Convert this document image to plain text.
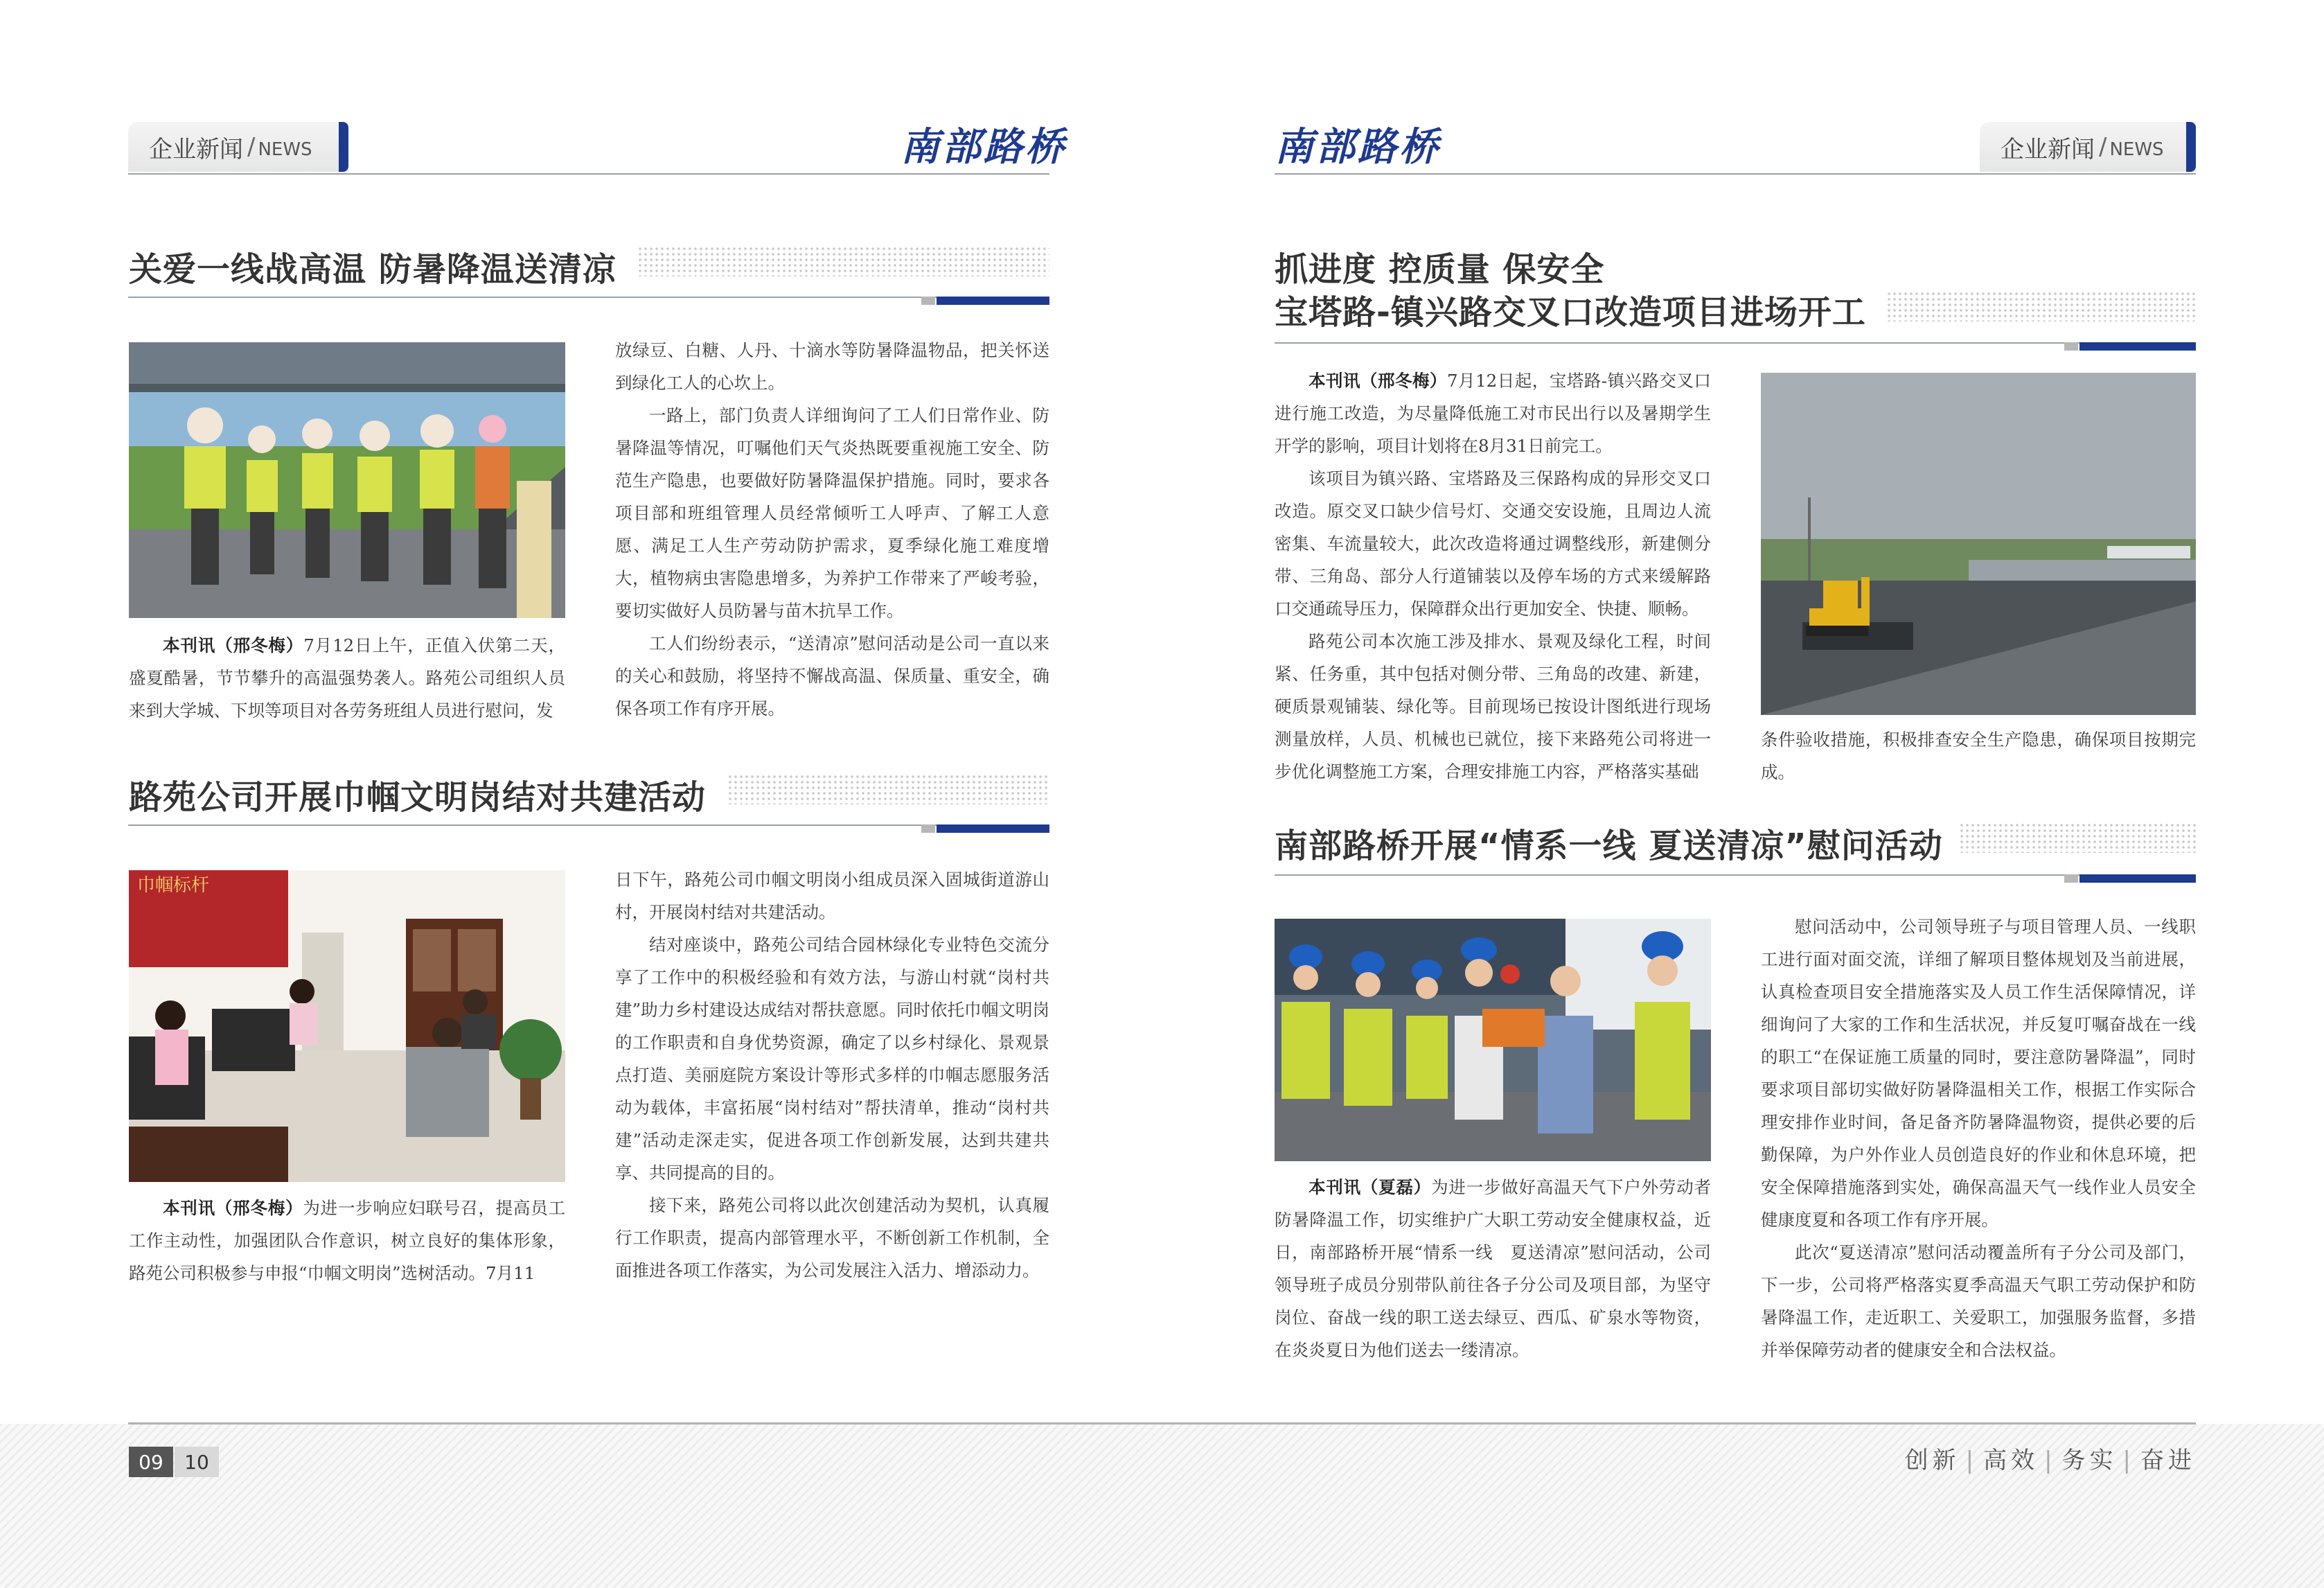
企业新闻 / NEWS	南部路桥
关爱一线战高温 防暑降温送清凉

本刊讯（邢冬梅）7月12日上午，正值入伏第二天，盛夏酷暑，节节攀升的高温强势袭人。路苑公司组织人员来到大学城、下坝等项目对各劳务班组人员进行慰问，发

放绿豆、白糖、人丹、十滴水等防暑降温物品，把关怀送到绿化工人的心坎上。

一路上，部门负责人详细询问了工人们日常作业、防暑降温等情况，叮嘱他们天气炎热既要重视施工安全、防范生产隐患，也要做好防暑降温保护措施。同时，要求各项目部和班组管理人员经常倾听工人呼声、了解工人意愿、满足工人生产劳动防护需求，夏季绿化施工难度增大，植物病虫害隐患增多，为养护工作带来了严峻考验，要切实做好人员防暑与苗木抗旱工作。

工人们纷纷表示，“送清凉”慰问活动是公司一直以来的关心和鼓励，将坚持不懈战高温、保质量、重安全，确保各项工作有序开展。

路苑公司开展巾帼文明岗结对共建活动
巾帼标杆

本刊讯（邢冬梅）为进一步响应妇联号召，提高员工工作主动性，加强团队合作意识，树立良好的集体形象，路苑公司积极参与申报“巾帼文明岗”选树活动。7月11

日下午，路苑公司巾帼文明岗小组成员深入固城街道游山村，开展岗村结对共建活动。

结对座谈中，路苑公司结合园林绿化专业特色交流分享了工作中的积极经验和有效方法，与游山村就“岗村共建”助力乡村建设达成结对帮扶意愿。同时依托巾帼文明岗的工作职责和自身优势资源，确定了以乡村绿化、景观景点打造、美丽庭院方案设计等形式多样的巾帼志愿服务活动为载体，丰富拓展“岗村结对”帮扶清单，推动“岗村共建”活动走深走实，促进各项工作创新发展，达到共建共享、共同提高的目的。

接下来，路苑公司将以此次创建活动为契机，认真履行工作职责，提高内部管理水平，不断创新工作机制，全面推进各项工作落实，为公司发展注入活力、增添动力。

南部路桥	企业新闻 / NEWS
抓进度 控质量 保安全
宝塔路-镇兴路交叉口改造项目进场开工

本刊讯（邢冬梅）7月12日起，宝塔路-镇兴路交叉口进行施工改造，为尽量降低施工对市民出行以及暑期学生开学的影响，项目计划将在8月31日前完工。

该项目为镇兴路、宝塔路及三保路构成的异形交叉口改造。原交叉口缺少信号灯、交通交安设施，且周边人流密集、车流量较大，此次改造将通过调整线形，新建侧分带、三角岛、部分人行道铺装以及停车场的方式来缓解路口交通疏导压力，保障群众出行更加安全、快捷、顺畅。

路苑公司本次施工涉及排水、景观及绿化工程，时间紧、任务重，其中包括对侧分带、三角岛的改建、新建，硬质景观铺装、绿化等。目前现场已按设计图纸进行现场测量放样，人员、机械也已就位，接下来路苑公司将进一步优化调整施工方案，合理安排施工内容，严格落实基础

条件验收措施，积极排查安全生产隐患，确保项目按期完成。

南部路桥开展“情系一线 夏送清凉”慰问活动

本刊讯（夏磊）为进一步做好高温天气下户外劳动者防暑降温工作，切实维护广大职工劳动安全健康权益，近日，南部路桥开展“情系一线　夏送清凉”慰问活动，公司领导班子成员分别带队前往各子分公司及项目部，为坚守岗位、奋战一线的职工送去绿豆、西瓜、矿泉水等物资，在炎炎夏日为他们送去一缕清凉。

慰问活动中，公司领导班子与项目管理人员、一线职工进行面对面交流，详细了解项目整体规划及当前进展，认真检查项目安全措施落实及人员工作生活保障情况，详细询问了大家的工作和生活状况，并反复叮嘱奋战在一线的职工“在保证施工质量的同时，要注意防暑降温”，同时要求项目部切实做好防暑降温相关工作，根据工作实际合理安排作业时间，备足备齐防暑降温物资，提供必要的后勤保障，为户外作业人员创造良好的作业和休息环境，把安全保障措施落到实处，确保高温天气一线作业人员安全健康度夏和各项工作有序开展。

此次“夏送清凉”慰问活动覆盖所有子分公司及部门，下一步，公司将严格落实夏季高温天气职工劳动保护和防暑降温工作，走近职工、关爱职工，加强服务监督，多措并举保障劳动者的健康安全和合法权益。

09	10	创新 | 高效 | 务实 | 奋进
